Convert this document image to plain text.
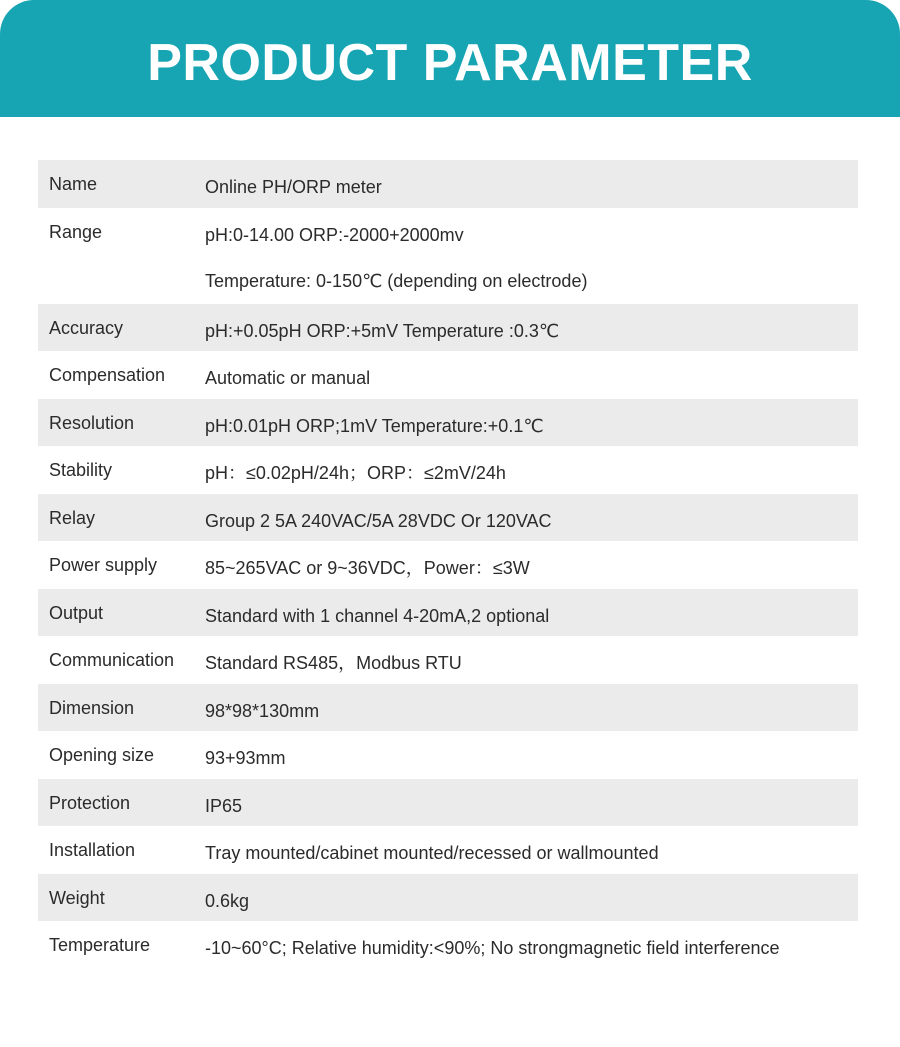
PRODUCT PARAMETER
Name	Online PH/ORP meter
Range	pH:0-14.00 ORP:-2000+2000mv
Temperature: 0-150℃ (depending on electrode)
Accuracy	pH:+0.05pH ORP:+5mV Temperature :0.3℃
Compensation	Automatic or manual
Resolution	pH:0.01pH ORP;1mV Temperature:+0.1℃
Stability	pH：≤0.02pH/24h；ORP：≤2mV/24h
Relay	Group 2 5A 240VAC/5A 28VDC Or 120VAC
Power supply	85~265VAC or 9~36VDC，Power：≤3W
Output	Standard with 1 channel 4-20mA,2 optional
Communication	Standard RS485，Modbus RTU
Dimension	98*98*130mm
Opening size	93+93mm
Protection	IP65
Installation	Tray mounted/cabinet mounted/recessed or wallmounted
Weight	0.6kg
Temperature	-10~60°C; Relative humidity:<90%; No strongmagnetic field interference
